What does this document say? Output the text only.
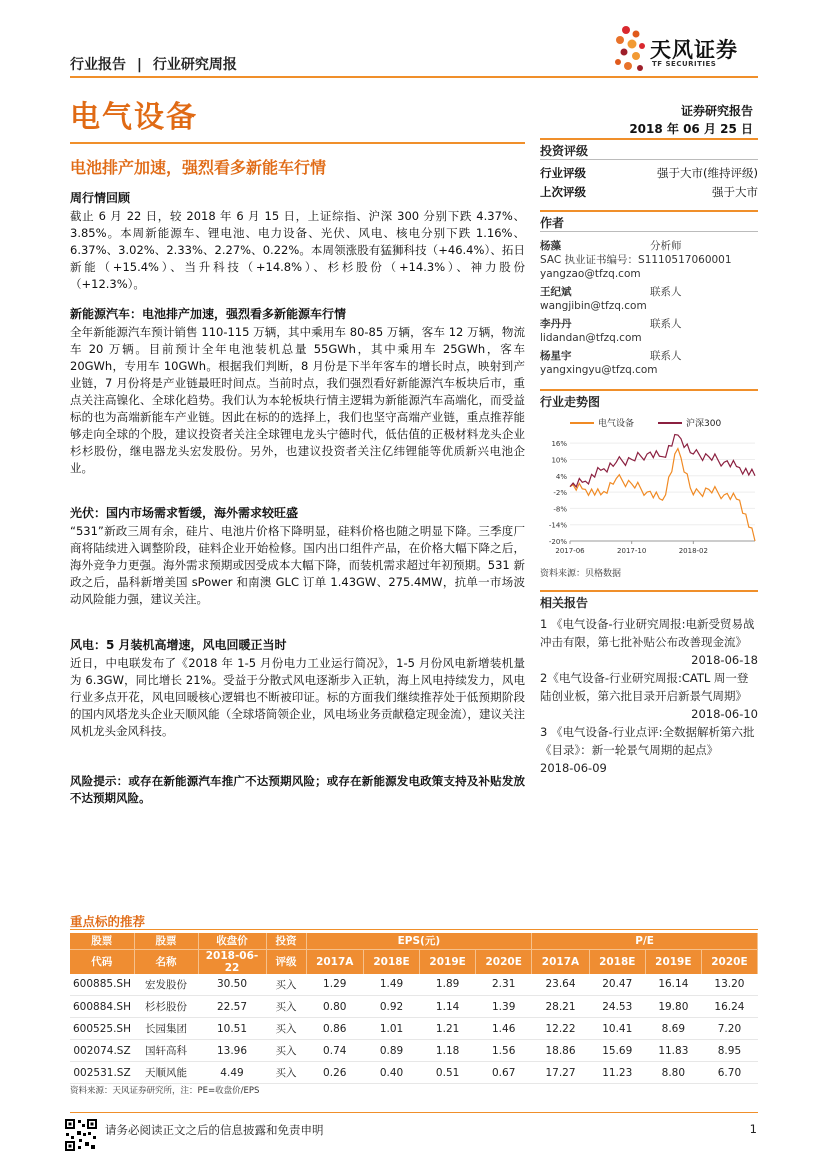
行业报告 | 行业研究周报
天风证券
TF SECURITIES
电气设备	证券研究报告
2018 年 06 月 25 日
电池排产加速，强烈看多新能车行情
周行情回顾

截止 6 月 22 日，较 2018 年 6 月 15 日，上证综指、沪深 300 分别下跌 4.37%、3.85%。本周新能源车、锂电池、电力设备、光伏、风电、核电分别下跌 1.16%、6.37%、3.02%、2.33%、2.27%、0.22%。本周领涨股有猛狮科技（+46.4%）、拓日新能（+15.4%）、当升科技（+14.8%）、杉杉股份（+14.3%）、神力股份（+12.3%）。

新能源汽车：电池排产加速，强烈看多新能源车行情

全年新能源汽车预计销售 110-115 万辆，其中乘用车 80-85 万辆，客车 12 万辆，物流车 20 万辆。目前预计全年电池装机总量 55GWh，其中乘用车 25GWh，客车 20GWh，专用车 10GWh。根据我们判断，8 月份是下半年客车的增长时点，映射到产业链，7 月份将是产业链最旺时间点。当前时点，我们强烈看好新能源汽车板块后市，重点关注高镍化、全球化趋势。我们认为本轮板块行情主逻辑为新能源汽车高端化，而受益标的也为高端新能车产业链。因此在标的的选择上，我们也坚守高端产业链，重点推荐能够走向全球的个股，建议投资者关注全球锂电龙头宁德时代，低估值的正极材料龙头企业杉杉股份，继电器龙头宏发股份。另外，也建议投资者关注亿纬锂能等优质新兴电池企业。

光伏：国内市场需求暂缓，海外需求较旺盛

“531”新政三周有余，硅片、电池片价格下降明显，硅料价格也随之明显下降。三季度厂商将陆续进入调整阶段，硅料企业开始检修。国内出口组件产品，在价格大幅下降之后，海外竞争力更强。海外需求预期或因受成本大幅下降，而装机需求超过年初预期。531 新政之后，晶科新增美国 sPower 和南澳 GLC 订单 1.43GW、275.4MW，抗单一市场波动风险能力强，建议关注。

风电：5 月装机高增速，风电回暖正当时

近日，中电联发布了《2018 年 1-5 月份电力工业运行简况》，1-5 月份风电新增装机量为 6.3GW，同比增长 21%。受益于分散式风电逐渐步入正轨，海上风电持续发力，风电行业多点开花，风电回暖核心逻辑也不断被印证。标的方面我们继续推荐处于低预期阶段的国内风塔龙头企业天顺风能（全球塔筒领企业，风电场业务贡献稳定现金流），建议关注风机龙头金风科技。

风险提示：或存在新能源汽车推广不达预期风险；或存在新能源发电政策支持及补贴发放不达预期风险。
投资评级
行业评级	强于大市(维持评级)
上次评级	强于大市
作者
杨藻	分析师
SAC 执业证书编号：S1110517060001
yangzao@tfzq.com
王纪斌	联系人
wangjibin@tfzq.com
李丹丹	联系人
lidandan@tfzq.com
杨星宇	联系人
yangxingyu@tfzq.com
行业走势图
电气设备	沪深300
16%
10%
4%
-2%
-8%
-14%
-20%
2017-06	2017-10	2018-02
资料来源：贝格数据
相关报告
1 《电气设备-行业研究周报:电新受贸易战冲击有限，第七批补贴公布改善现金流》
2018-06-18
2《电气设备-行业研究周报:CATL 周一登陆创业板，第六批目录开启新景气周期》
2018-06-10
3 《电气设备-行业点评:全数据解析第六批《目录》：新一轮景气周期的起点》
2018-06-09
重点标的推荐
股票	股票	收盘价	投资	EPS(元)				P/E			
代码	名称	2018-06-22	评级	2017A	2018E	2019E	2020E	2017A	2018E	2019E	2020E
600885.SH	宏发股份	30.50	买入	1.29	1.49	1.89	2.31	23.64	20.47	16.14	13.20
600884.SH	杉杉股份	22.57	买入	0.80	0.92	1.14	1.39	28.21	24.53	19.80	16.24
600525.SH	长园集团	10.51	买入	0.86	1.01	1.21	1.46	12.22	10.41	8.69	7.20
002074.SZ	国轩高科	13.96	买入	0.74	0.89	1.18	1.56	18.86	15.69	11.83	8.95
002531.SZ	天顺风能	4.49	买入	0.26	0.40	0.51	0.67	17.27	11.23	8.80	6.70
资料来源：天风证券研究所，注：PE=收盘价/EPS
请务必阅读正文之后的信息披露和免责申明	1
